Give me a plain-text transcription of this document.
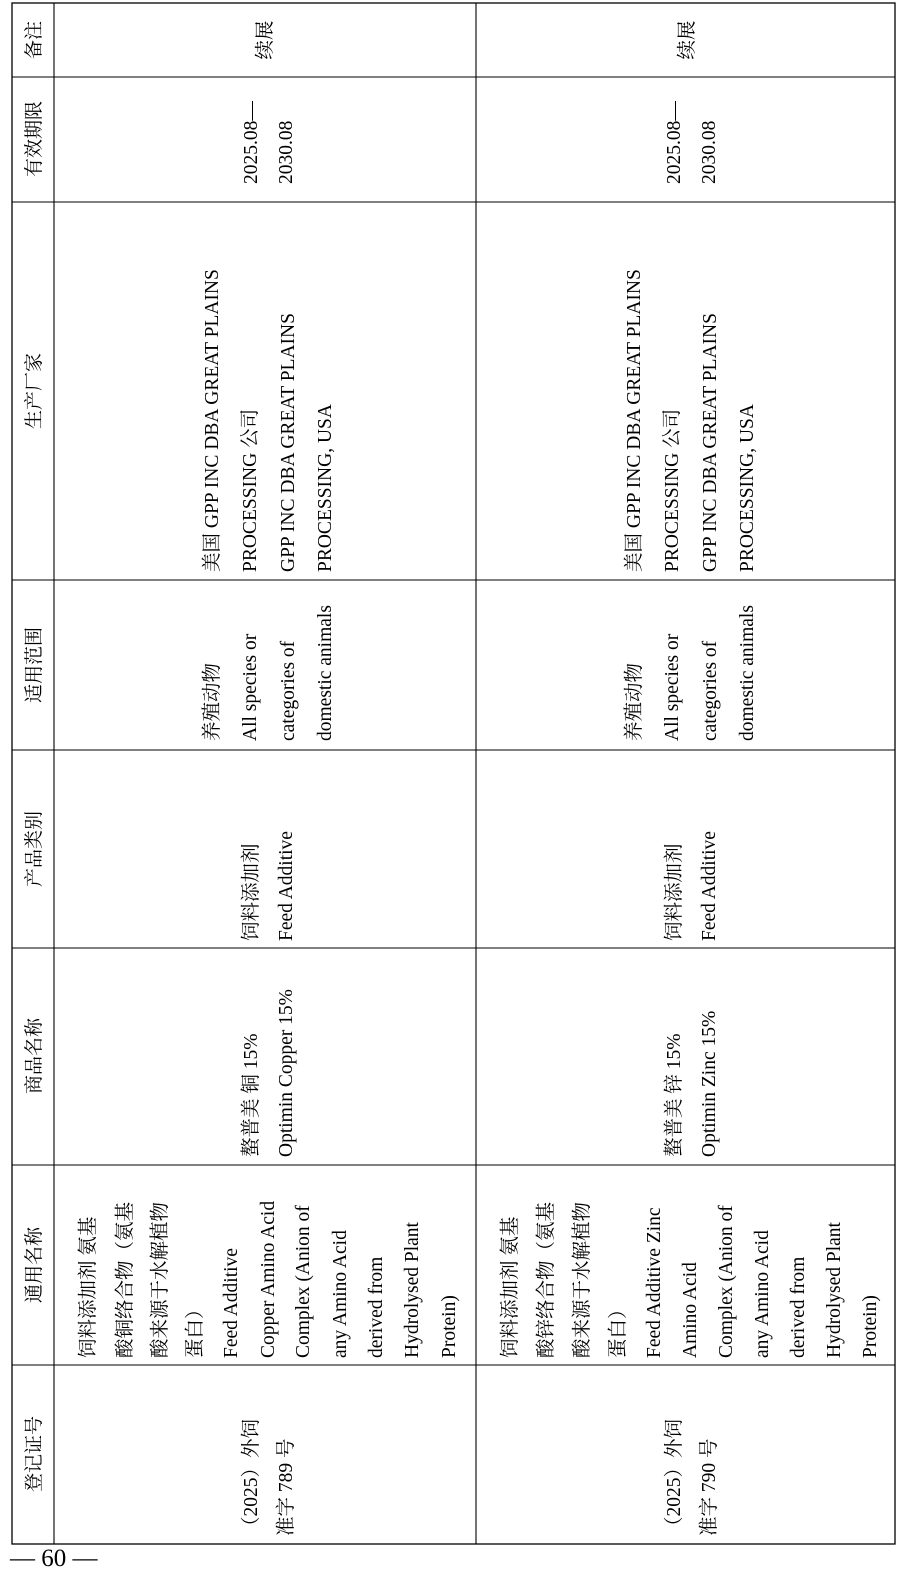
备注
有效期限
生产厂家
适用范围
产品类别
商品名称
通用名称
登记证号
续展
2025.08— 2030.08
美国 GPP INC DBA GREAT PLAINS PROCESSING 公司 GPP INC DBA GREAT PLAINS PROCESSING, USA
养殖动物 All species or categories of domestic animals
饲料添加剂 Feed Additive
螯普美 铜 15% Optimin Copper 15%
饲料添加剂 氨基 酸铜络合物（氨基 酸来源于水解植物 蛋白） Feed Additive Copper Amino Acid Complex (Anion of any Amino Acid derived from Hydrolysed Plant Protein)
（2025）外饲 准字 789 号
续展
2025.08— 2030.08
美国 GPP INC DBA GREAT PLAINS PROCESSING 公司 GPP INC DBA GREAT PLAINS PROCESSING, USA
养殖动物 All species or categories of domestic animals
饲料添加剂 Feed Additive
螯普美 锌 15% Optimin Zinc 15%
饲料添加剂 氨基 酸锌络合物（氨基 酸来源于水解植物 蛋白） Feed Additive Zinc Amino Acid Complex (Anion of any Amino Acid derived from Hydrolysed Plant Protein)
（2025）外饲 准字 790 号
— 60 —
